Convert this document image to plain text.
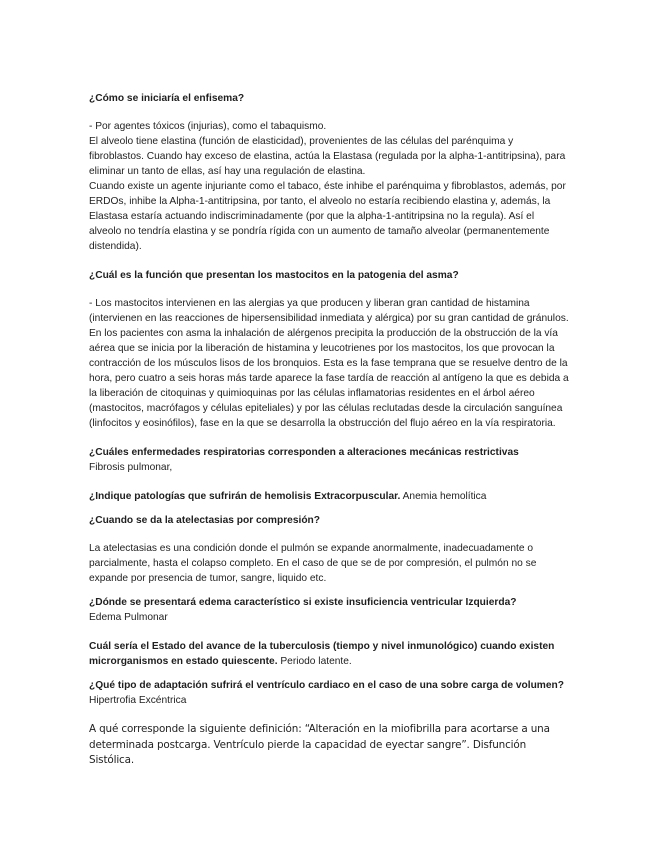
¿Cómo se iniciaría el enfisema?

- Por agentes tóxicos (injurias), como el tabaquismo.

El alveolo tiene elastina (función de elasticidad), provenientes de las células del parénquima y fibroblastos. Cuando hay exceso de elastina, actúa la Elastasa (regulada por la alpha-1-antitripsina), para eliminar un tanto de ellas, así hay una regulación de elastina.

Cuando existe un agente injuriante como el tabaco, éste inhibe el parénquima y fibroblastos, además, por ERDOs, inhibe la Alpha-1-antitripsina, por tanto, el alveolo no estaría recibiendo elastina y, además, la Elastasa estaría actuando indiscriminadamente (por que la alpha-1-antitripsina no la regula). Así el alveolo no tendría elastina y se pondría rígida con un aumento de tamaño alveolar (permanentemente distendida).

¿Cuál es la función que presentan los mastocitos en la patogenia del asma?

- Los mastocitos intervienen en las alergias ya que producen y liberan gran cantidad de histamina (intervienen en las reacciones de hipersensibilidad inmediata y alérgica) por su gran cantidad de gránulos. En los pacientes con asma la inhalación de alérgenos precipita la producción de la obstrucción de la vía aérea que se inicia por la liberación de histamina y leucotrienes por los mastocitos, los que provocan la contracción de los músculos lisos de los bronquios. Esta es la fase temprana que se resuelve dentro de la hora, pero cuatro a seis horas más tarde aparece la fase tardía de reacción al antígeno la que es debida a la liberación de citoquinas y quimioquinas por las células inflamatorias residentes en el árbol aéreo (mastocitos, macrófagos y células epiteliales) y por las células reclutadas desde la circulación sanguínea (linfocitos y eosinófilos), fase en la que se desarrolla la obstrucción del flujo aéreo en la vía respiratoria.

¿Cuáles enfermedades respiratorias corresponden a alteraciones mecánicas restrictivas

Fibrosis pulmonar,

¿Indique patologías que sufrirán de hemolisis Extracorpuscular. Anemia hemolítica

¿Cuando se da la atelectasias por compresión?

La atelectasias es una condición donde el pulmón se expande anormalmente, inadecuadamente o parcialmente, hasta el colapso completo. En el caso de que se de por compresión, el pulmón no se expande por presencia de tumor, sangre, liquido etc.

¿Dónde se presentará edema característico si existe insuficiencia ventricular Izquierda?

Edema Pulmonar

Cuál sería el Estado del avance de la tuberculosis (tiempo y nivel inmunológico) cuando existen microrganismos en estado quiescente. Periodo latente.

¿Qué tipo de adaptación sufrirá el ventrículo cardiaco en el caso de una sobre carga de volumen? Hipertrofia Excéntrica

A qué corresponde la siguiente definición: “Alteración en la miofibrilla para acortarse a una determinada postcarga. Ventrículo pierde la capacidad de eyectar sangre”. Disfunción Sistólica.
